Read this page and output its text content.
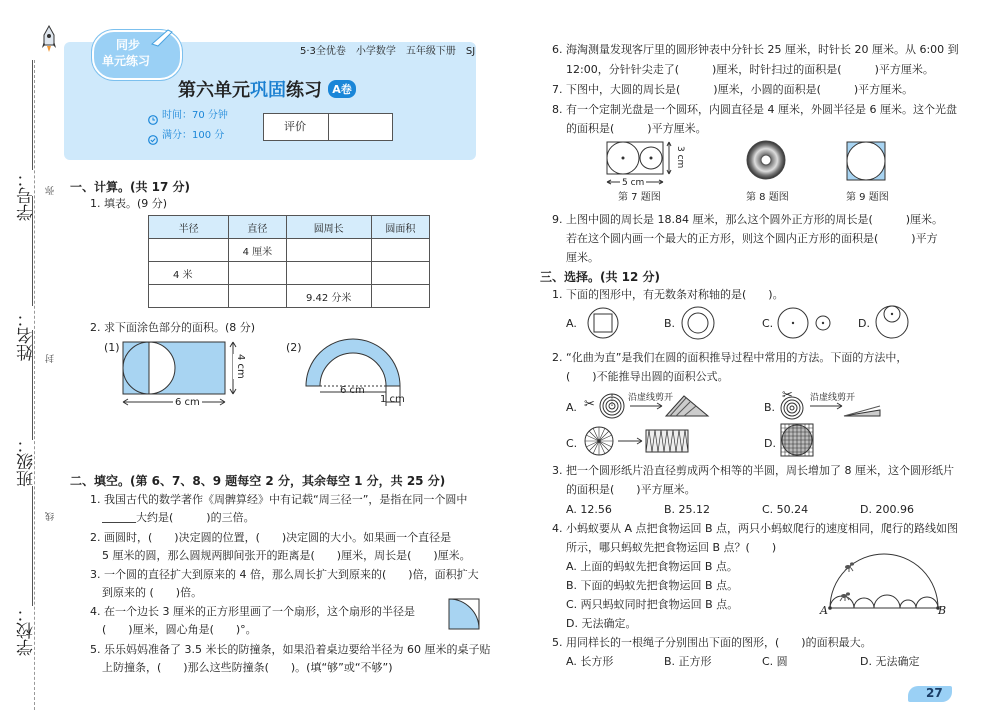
学号： 弥
姓名： 封
班级：
线
学校：
同步
单元练习
5·3全优卷　小学数学　五年级下册　SJ
第六单元巩固练习 A卷
时间：70 分钟
满分：100 分
评价
一、计算。(共 17 分)
1. 填表。(9 分)
半径	直径	圆周长	圆面积
	4 厘米		
4 米			
		9.42 分米	
2. 求下面涂色部分的面积。(8 分)
(1)	(2)
6 cm
4 cm
6 cm
1 cm
二、填空。(第 6、7、8、9 题每空 2 分，其余每空 1 分，共 25 分)
1. 我国古代的数学著作《周髀算经》中有记载“周三径一”，是指在同一个圆中
大约是(　　　)的三倍。
2. 画圆时，(　　)决定圆的位置，(　　)决定圆的大小。如果画一个直径是
5 厘米的圆，那么圆规两脚间张开的距离是(　　)厘米，周长是(　　)厘米。
3. 一个圆的直径扩大到原来的 4 倍，那么周长扩大到原来的(　　)倍，面积扩大
到原来的 (　　)倍。
4. 在一个边长 3 厘米的正方形里画了一个扇形，这个扇形的半径是
(　　)厘米，圆心角是(　　)°。
5. 乐乐妈妈准备了 3.5 米长的防撞条，如果沿着桌边要给半径为 60 厘米的桌子贴
上防撞条，(　　)那么这些防撞条(　　)。(填“够”或“不够”)
6. 海淘测量发现客厅里的圆形钟表中分针长 25 厘米，时针长 20 厘米。从 6:00 到
12:00，分针针尖走了(　　　)厘米，时针扫过的面积是(　　　)平方厘米。
7. 下图中，大圆的周长是(　　　)厘米，小圆的面积是(　　　)平方厘米。
8. 有一个定制光盘是一个圆环，内圆直径是 4 厘米，外圆半径是 6 厘米。这个光盘
的面积是(　　　)平方厘米。
5 cm
3 cm
第 7 题图	第 8 题图	第 9 题图
9. 上图中圆的周长是 18.84 厘米，那么这个圆外正方形的周长是(　　　)厘米。
若在这个圆内画一个最大的正方形，则这个圆内正方形的面积是(　　　)平方
厘米。
三、选择。(共 12 分)
1. 下面的图形中，有无数条对称轴的是(　　)。
A.	B.	C.	D.
2. “化曲为直”是我们在圆的面积推导过程中常用的方法。下面的方法中，
(　　)不能推导出圆的面积公式。
A. ✂	沿虚线剪开
B.
✂ 沿虚线剪开
C.	D.
3. 把一个圆形纸片沿直径剪成两个相等的半圆，周长增加了 8 厘米，这个圆形纸片
的面积是(　　)平方厘米。
A. 12.56	B. 25.12	C. 50.24	D. 200.96
4. 小蚂蚁要从 A 点把食物运回 B 点，两只小蚂蚁爬行的速度相同，爬行的路线如图
所示，哪只蚂蚁先把食物运回 B 点？(　　)
A. 上面的蚂蚁先把食物运回 B 点。
B. 下面的蚂蚁先把食物运回 B 点。
C. 两只蚂蚁同时把食物运回 B 点。
D. 无法确定。
A	B
5. 用同样长的一根绳子分别围出下面的图形，(　　)的面积最大。
A. 长方形	B. 正方形	C. 圆	D. 无法确定
27
